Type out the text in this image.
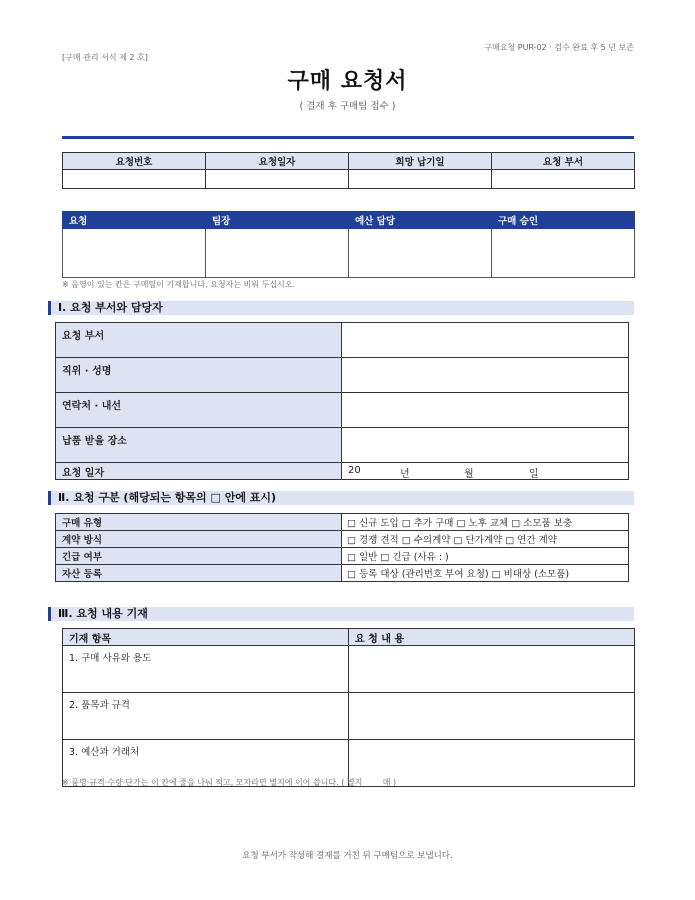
[구매 관리 서식 제 2 호]
구매요청 PUR-02 · 검수 완료 후 5 년 보존
구매 요청서
( 결재 후 구매팀 접수 )
요청번호	요청일자	희망 납기일	요청 부서

요청	팀장	예산 담당	구매 승인

※ 음영이 있는 칸은 구매팀이 기재합니다. 요청자는 비워 두십시오.
Ⅰ. 요청 부서와 담당자
요청 부서	
직위 · 성명	
연락처 · 내선	
납품 받을 장소	
요청 일자	20 년 월 일
Ⅱ. 요청 구분 (해당되는 항목의 □ 안에 표시)
구매 유형	□ 신규 도입 □ 추가 구매 □ 노후 교체 □ 소모품 보충
계약 방식	□ 경쟁 견적 □ 수의계약 □ 단가계약 □ 연간 계약
긴급 여부	□ 일반 □ 긴급 (사유 : )
자산 등록	□ 등록 대상 (관리번호 부여 요청) □ 비대상 (소모품)
Ⅲ. 요청 내용 기재
기재 항목	요 청 내 용
1. 구매 사유와 용도	
2. 품목과 규격	
3. 예산과 거래처	
※ 품명·규격·수량·단가는 이 칸에 줄을 나눠 적고, 모자라면 별지에 이어 씁니다. ( 별지        매 )
요청 부서가 작성해 결재를 거친 뒤 구매팀으로 보냅니다.
